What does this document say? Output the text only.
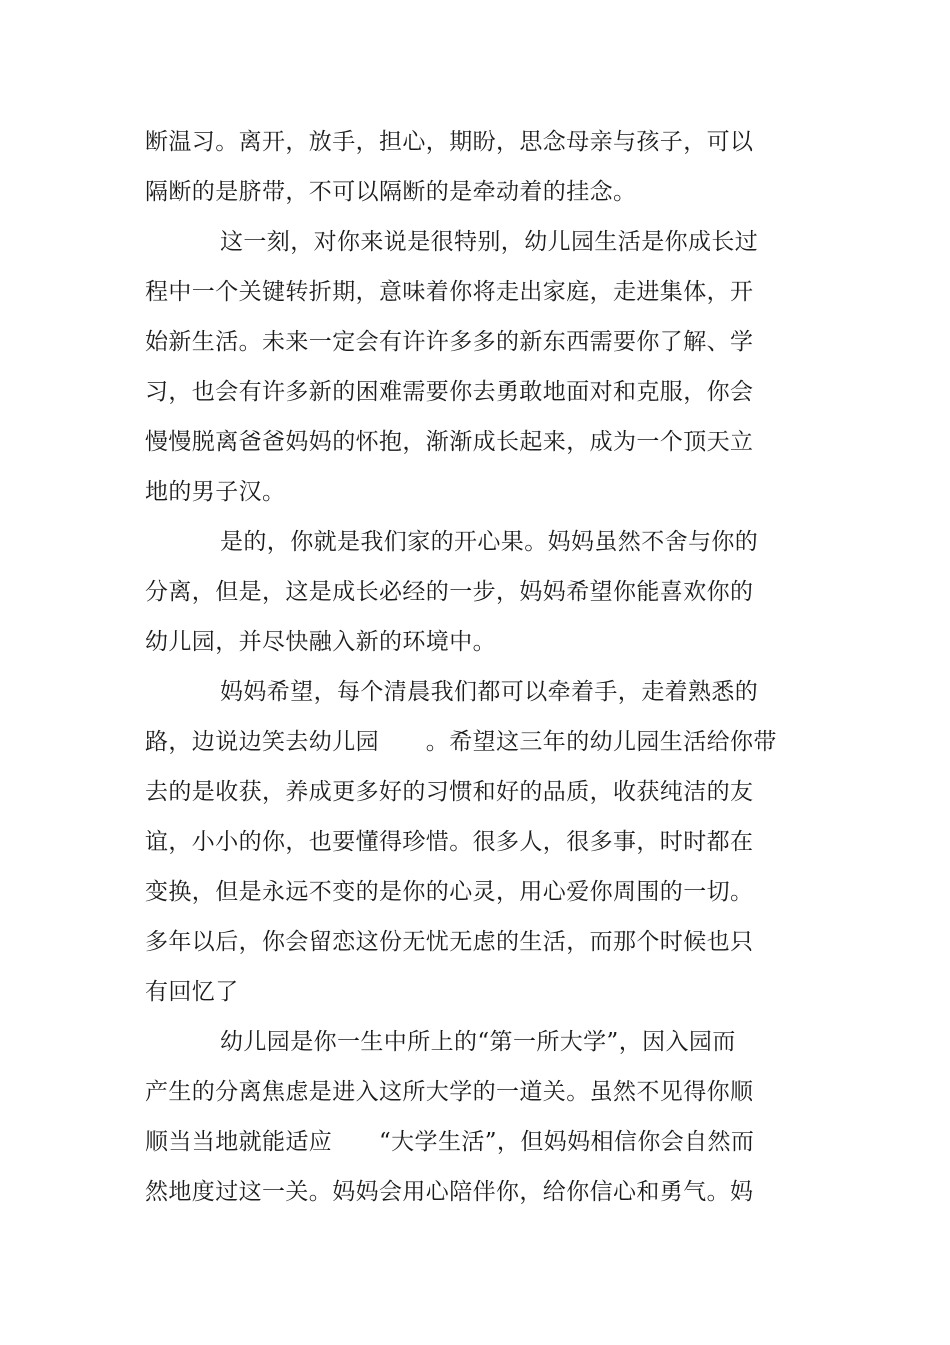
断温习。离开，放手，担心，期盼，思念母亲与孩子，可以
隔断的是脐带，不可以隔断的是牵动着的挂念。
这一刻，对你来说是很特别，幼儿园生活是你成长过
程中一个关键转折期，意味着你将走出家庭，走进集体，开
始新生活。未来一定会有许许多多的新东西需要你了解、学
习，也会有许多新的困难需要你去勇敢地面对和克服，你会
慢慢脱离爸爸妈妈的怀抱，渐渐成长起来，成为一个顶天立
地的男子汉。
是的，你就是我们家的开心果。妈妈虽然不舍与你的
分离，但是，这是成长必经的一步，妈妈希望你能喜欢你的
幼儿园，并尽快融入新的环境中。
妈妈希望，每个清晨我们都可以牵着手，走着熟悉的
路，边说边笑去幼儿园　　。希望这三年的幼儿园生活给你带
去的是收获，养成更多好的习惯和好的品质，收获纯洁的友
谊，小小的你，也要懂得珍惜。很多人，很多事，时时都在
变换，但是永远不变的是你的心灵，用心爱你周围的一切。
多年以后，你会留恋这份无忧无虑的生活，而那个时候也只
有回忆了
幼儿园是你一生中所上的“第一所大学”，因入园而
产生的分离焦虑是进入这所大学的一道关。虽然不见得你顺
顺当当地就能适应　　“大学生活”，但妈妈相信你会自然而
然地度过这一关。妈妈会用心陪伴你，给你信心和勇气。妈
